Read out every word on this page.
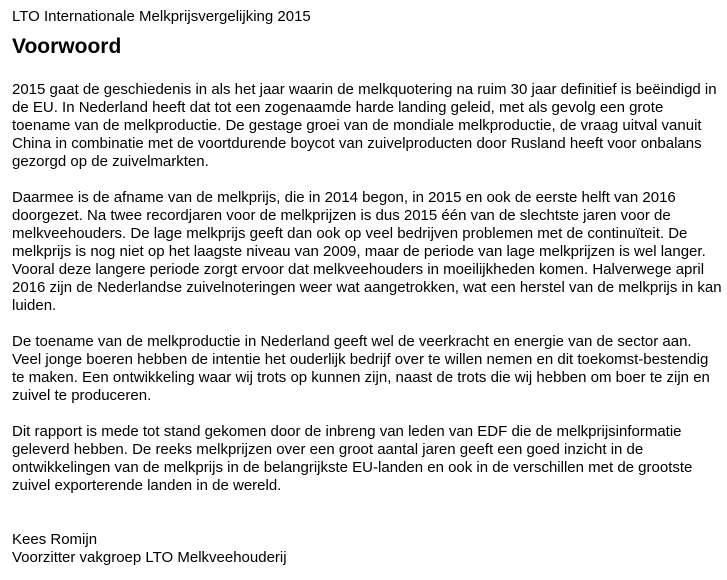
LTO Internationale Melkprijsvergelijking 2015
Voorwoord

2015 gaat de geschiedenis in als het jaar waarin de melkquotering na ruim 30 jaar definitief is beëindigd in de EU. In Nederland heeft dat tot een zogenaamde harde landing geleid, met als gevolg een grote toename van de melkproductie. De gestage groei van de mondiale melkproductie, de vraag uitval vanuit China in combinatie met de voortdurende boycot van zuivelproducten door Rusland heeft voor onbalans gezorgd op de zuivelmarkten.

Daarmee is de afname van de melkprijs, die in 2014 begon, in 2015 en ook de eerste helft van 2016 doorgezet. Na twee recordjaren voor de melkprijzen is dus 2015 één van de slechtste jaren voor de melkveehouders. De lage melkprijs geeft dan ook op veel bedrijven problemen met de continuïteit. De melkprijs is nog niet op het laagste niveau van 2009, maar de periode van lage melkprijzen is wel langer. Vooral deze langere periode zorgt ervoor dat melkveehouders in moeilijkheden komen. Halverwege april 2016 zijn de Nederlandse zuivelnoteringen weer wat aangetrokken, wat een herstel van de melkprijs in kan luiden.

De toename van de melkproductie in Nederland geeft wel de veerkracht en energie van de sector aan. Veel jonge boeren hebben de intentie het ouderlijk bedrijf over te willen nemen en dit toekomst-bestendig te maken. Een ontwikkeling waar wij trots op kunnen zijn, naast de trots die wij hebben om boer te zijn en zuivel te produceren.

Dit rapport is mede tot stand gekomen door de inbreng van leden van EDF die de melkprijsinformatie geleverd hebben. De reeks melkprijzen over een groot aantal jaren geeft een goed inzicht in de ontwikkelingen van de melkprijs in de belangrijkste EU-landen en ook in de verschillen met de grootste zuivel exporterende landen in de wereld.

Kees Romijn
Voorzitter vakgroep LTO Melkveehouderij
